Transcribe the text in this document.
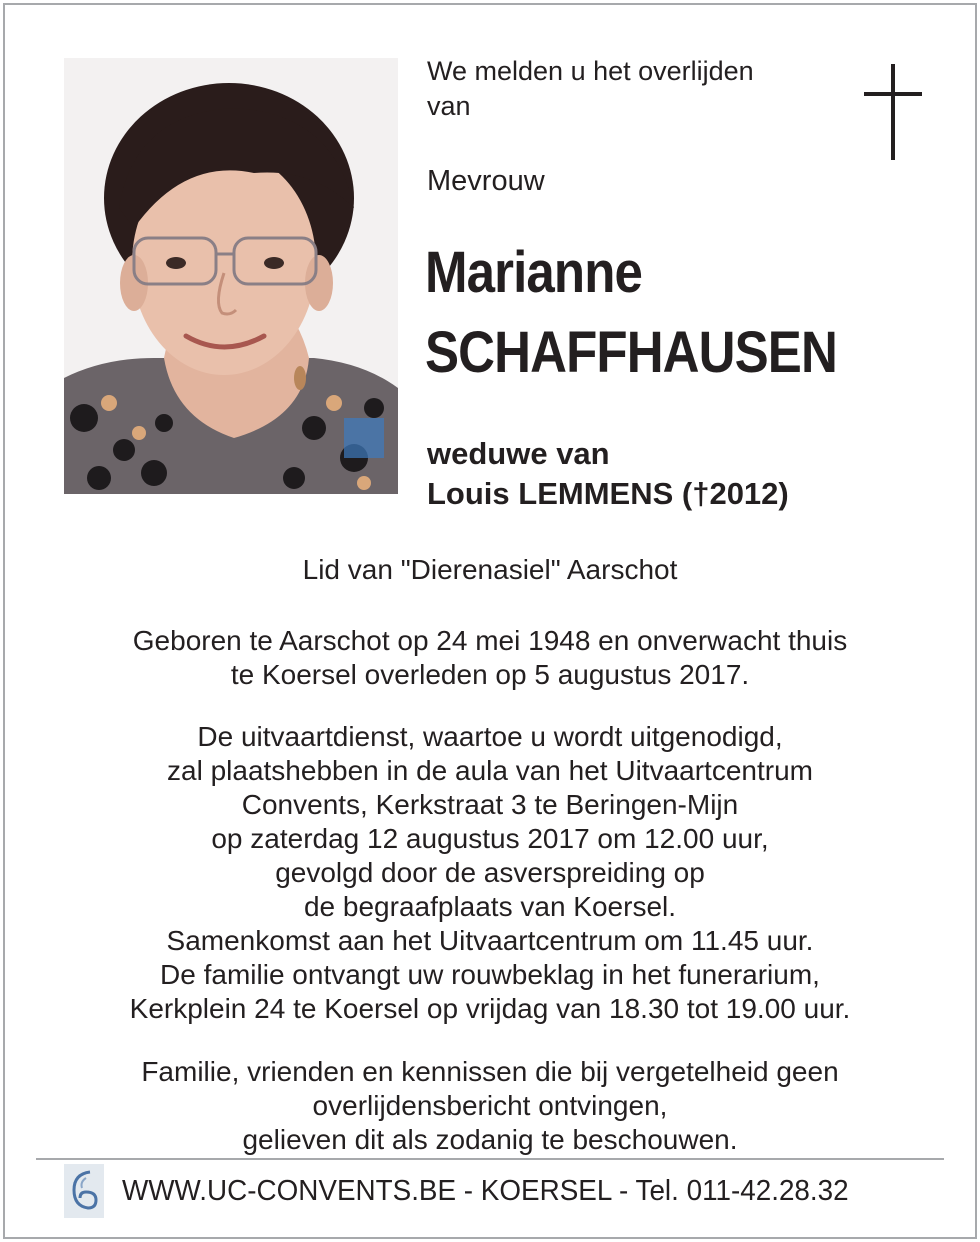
We melden u het overlijden
van
Mevrouw
Marianne
SCHAFFHAUSEN
weduwe van
Louis LEMMENS (†2012)
Lid van "Dierenasiel" Aarschot
Geboren te Aarschot op 24 mei 1948 en onverwacht thuis
te Koersel overleden op 5 augustus 2017.
De uitvaartdienst, waartoe u wordt uitgenodigd,
zal plaatshebben in de aula van het Uitvaartcentrum
Convents, Kerkstraat 3 te Beringen-Mijn
op zaterdag 12 augustus 2017 om 12.00 uur,
gevolgd door de asverspreiding op
de begraafplaats van Koersel.
Samenkomst aan het Uitvaartcentrum om 11.45 uur.
De familie ontvangt uw rouwbeklag in het funerarium,
Kerkplein 24 te Koersel op vrijdag van 18.30 tot 19.00 uur.
Familie, vrienden en kennissen die bij vergetelheid geen
overlijdensbericht ontvingen,
gelieven dit als zodanig te beschouwen.
WWW.UC-CONVENTS.BE - KOERSEL - Tel. 011-42.28.32
